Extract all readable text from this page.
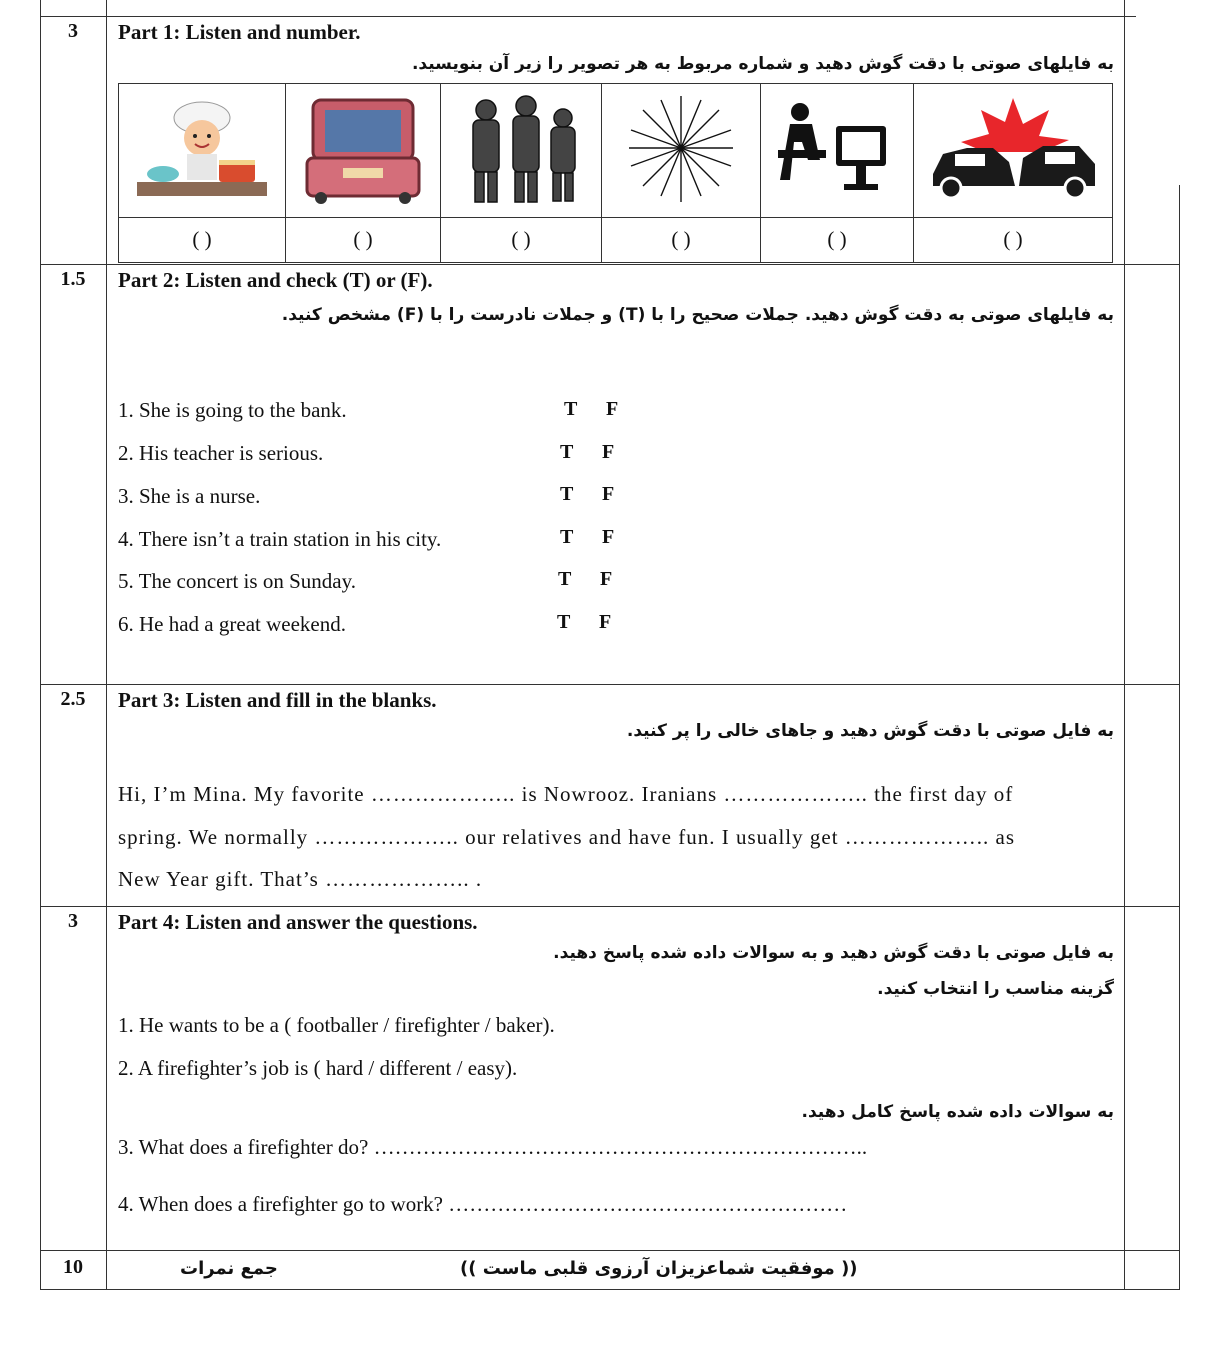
3	Part 1: Listen and number.
به فایلهای صوتی با دقت گوش دهید و شماره مربوط به هر تصویر را زیر آن بنویسید.

( )	( )	( )	( )	( )	( )
1.5	Part 2: Listen and check (T) or (F).
به فایلهای صوتی به دقت گوش دهید. جملات صحیح را با (T) و جملات نادرست را با (F) مشخص کنید.
1. She is going to the bank.	T F
2. His teacher is serious.	T F
3. She is a nurse.	T F
4. There isn’t a train station in his city.	T F
5. The concert is on Sunday.	T F
6. He had a great weekend.	T F
2.5	Part 3: Listen and fill in the blanks.
به فایل صوتی با دقت گوش دهید و جاهای خالی را پر کنید.
Hi, I’m Mina. My favorite ……………….. is Nowrooz. Iranians ……………….. the first day of
spring. We normally ……………….. our relatives and have fun. I usually get ……………….. as
New Year gift. That’s ……………….. .
3	Part 4: Listen and answer the questions.
به فایل صوتی با دقت گوش دهید و به سوالات داده شده پاسخ دهید.
گزینه مناسب را انتخاب کنید.
1. He wants to be a ( footballer / firefighter / baker).
2. A firefighter’s job is ( hard / different / easy).
به سوالات داده شده پاسخ کامل دهید.
3. What does a firefighter do? ……………………………………………………………..
4. When does a firefighter go to work? …………………………………………………
10	جمع نمرات	(( موفقیت شماعزیزان آرزوی قلبی ماست ))
